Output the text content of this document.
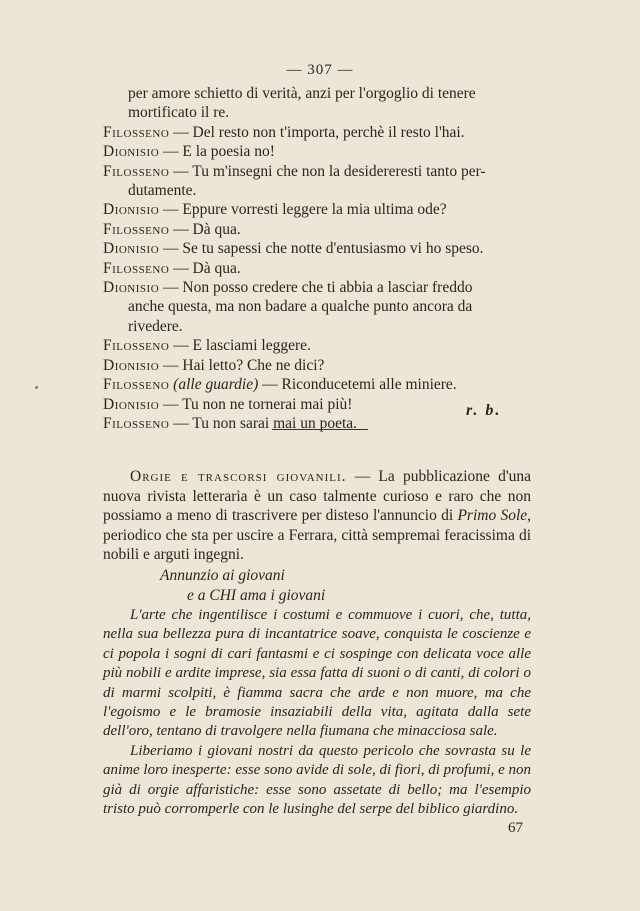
— 307 —
per amore schietto di verità, anzi per l'orgoglio di tenere
mortificato il re.
Filosseno — Del resto non t'importa, perchè il resto l'hai.
Dionisio — E la poesia no!
Filosseno — Tu m'insegni che non la desidereresti tanto per-
dutamente.
Dionisio — Eppure vorresti leggere la mia ultima ode?
Filosseno — Dà qua.
Dionisio — Se tu sapessi che notte d'entusiasmo vi ho speso.
Filosseno — Dà qua.
Dionisio — Non posso credere che ti abbia a lasciar freddo
anche questa, ma non badare a qualche punto ancora da
rivedere.
Filosseno — E lasciami leggere.
Dionisio — Hai letto? Che ne dici?
Filosseno (alle guardie) — Riconducetemi alle miniere.
Dionisio — Tu non ne tornerai mai più!
Filosseno — Tu non sarai mai un poeta.
r. b.
Orgie e trascorsi giovanili. — La pubblicazione d'una nuova rivista letteraria è un caso talmente curioso e raro che non possiamo a meno di trascrivere per disteso l'annuncio di Primo Sole, periodico che sta per uscire a Ferrara, città sempremai feracissima di nobili e arguti ingegni.
Annunzio ai giovani
e a CHI ama i giovani

L'arte che ingentilisce i costumi e commuove i cuori, che, tutta, nella sua bellezza pura di incantatrice soave, conquista le coscienze e ci popola i sogni di cari fantasmi e ci sospinge con delicata voce alle più nobili e ardite imprese, sia essa fatta di suoni o di canti, di colori o di marmi scolpiti, è fiamma sacra che arde e non muore, ma che l'egoismo e le bramosie insaziabili della vita, agitata dalla sete dell'oro, tentano di travolgere nella fiumana che minacciosa sale.

Liberiamo i giovani nostri da questo pericolo che sovrasta su le anime loro inesperte: esse sono avide di sole, di fiori, di profumi, e non già di orgie affaristiche: esse sono assetate di bello; ma l'esempio tristo può corromperle con le lusinghe del serpe del biblico giardino.

67
